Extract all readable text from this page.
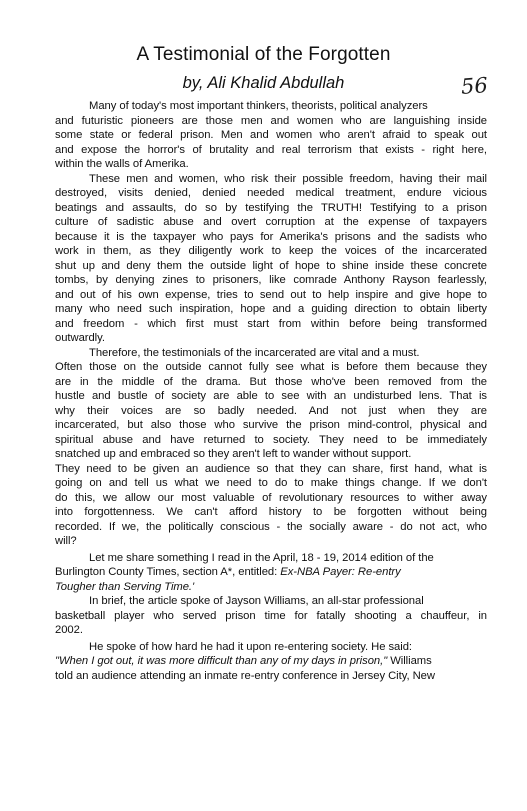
A Testimonial of the Forgotten
by, Ali Khalid Abdullah	56
Many of today's most important thinkers, theorists, political analyzers
and futuristic pioneers are those men and women who are languishing inside
some state or federal prison. Men and women who aren't afraid to speak out
and expose the horror's of brutality and real terrorism that exists - right here,
within the walls of Amerika.
These men and women, who risk their possible freedom, having their mail
destroyed, visits denied, denied needed medical treatment, endure vicious
beatings and assaults, do so by testifying the TRUTH! Testifying to a prison
culture of sadistic abuse and overt corruption at the expense of taxpayers
because it is the taxpayer who pays for Amerika's prisons and the sadists who
work in them, as they diligently work to keep the voices of the incarcerated
shut up and deny them the outside light of hope to shine inside these concrete
tombs, by denying zines to prisoners, like comrade Anthony Rayson fearlessly,
and out of his own expense, tries to send out to help inspire and give hope to
many who need such inspiration, hope and a guiding direction to obtain liberty
and freedom - which first must start from within before being transformed
outwardly.
Therefore, the testimonials of the incarcerated are vital and a must.
Often those on the outside cannot fully see what is before them because they
are in the middle of the drama. But those who've been removed from the
hustle and bustle of society are able to see with an undisturbed lens. That is
why their voices are so badly needed. And not just when they are
incarcerated, but also those who survive the prison mind-control, physical and
spiritual abuse and have returned to society. They need to be immediately
snatched up and embraced so they aren't left to wander without support.
They need to be given an audience so that they can share, first hand, what is
going on and tell us what we need to do to make things change. If we don't
do this, we allow our most valuable of revolutionary resources to wither away
into forgottenness. We can't afford history to be forgotten without being
recorded. If we, the politically conscious - the socially aware - do not act, who
will?
Let me share something I read in the April, 18 - 19, 2014 edition of the
Burlington County Times, section A*, entitled: Ex-NBA Payer: Re-entry
Tougher than Serving Time.'
In brief, the article spoke of Jayson Williams, an all-star professional
basketball player who served prison time for fatally shooting a chauffeur, in
2002.
He spoke of how hard he had it upon re-entering society. He said:
"When I got out, it was more difficult than any of my days in prison," Williams
told an audience attending an inmate re-entry conference in Jersey City, New
